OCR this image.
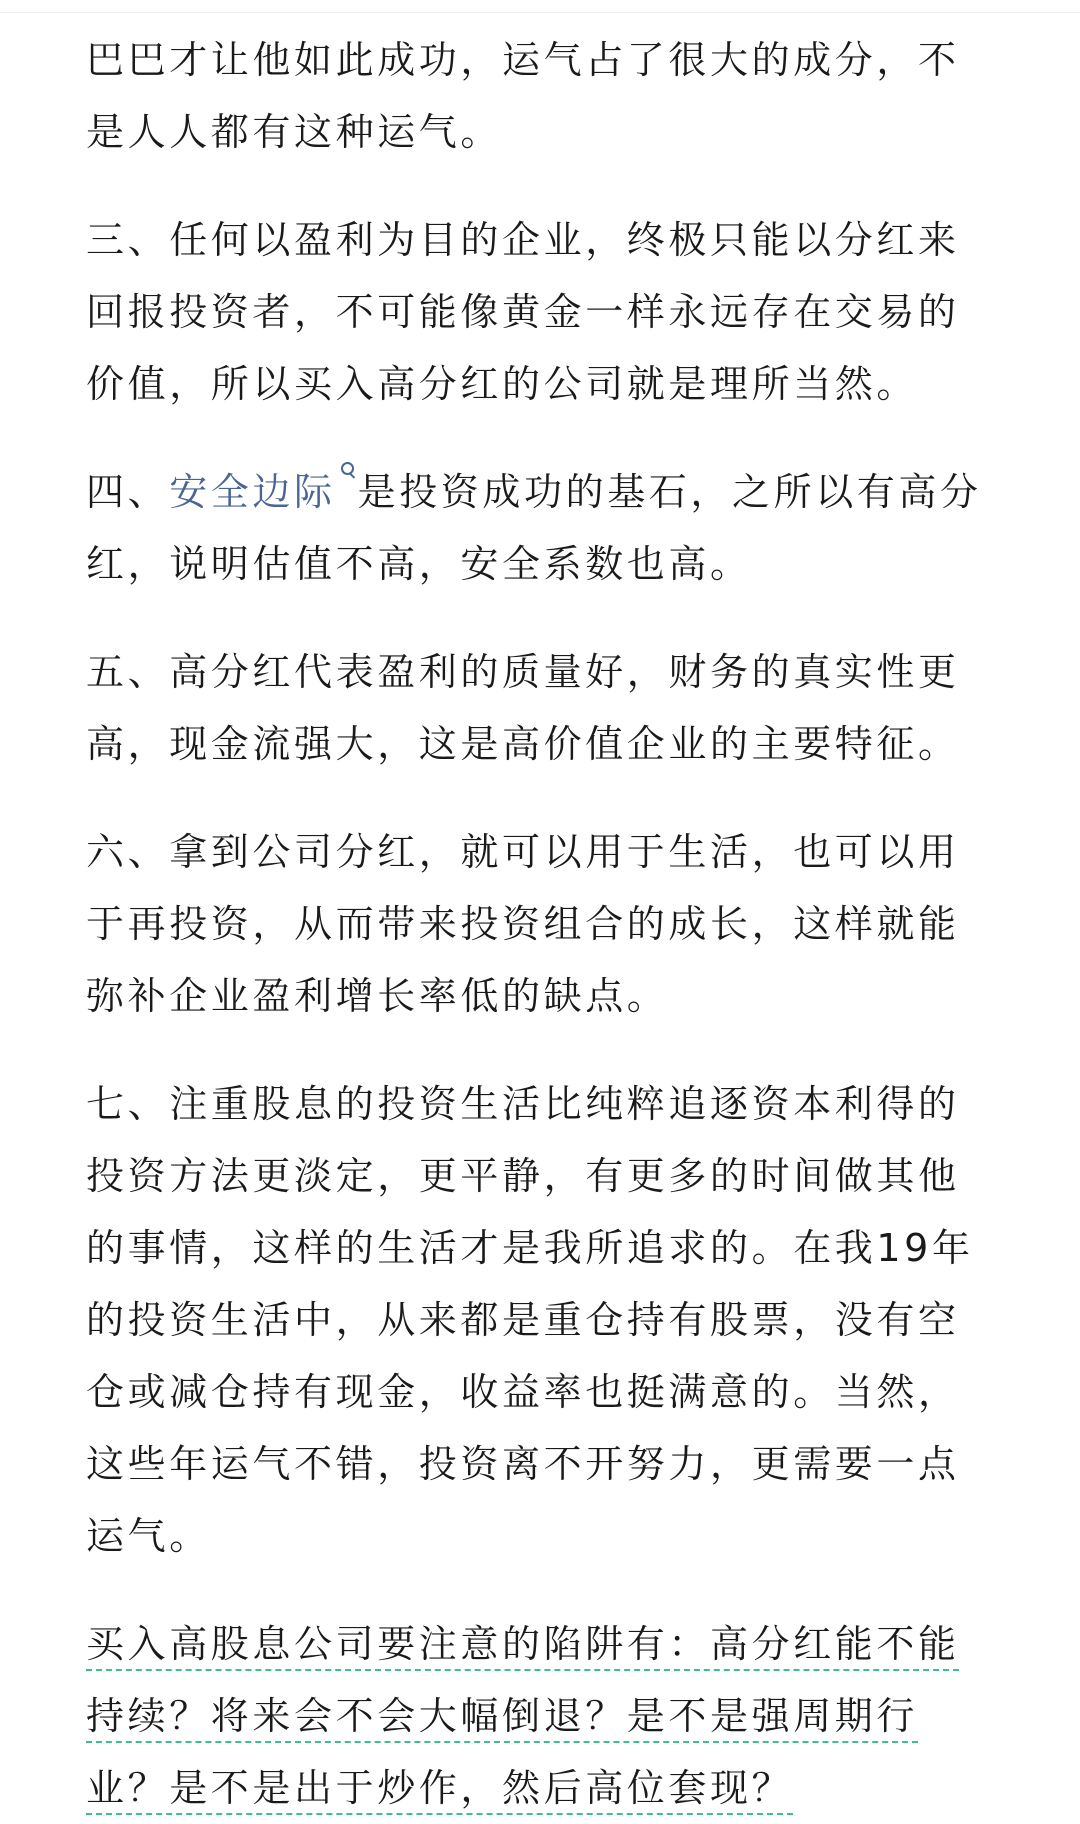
巴巴才让他如此成功，运气占了很大的成分，不是人人都有这种运气。

三、任何以盈利为目的企业，终极只能以分红来回报投资者，不可能像黄金一样永远存在交易的价值，所以买入高分红的公司就是理所当然。

四、安全边际 是投资成功的基石，之所以有高分红，说明估值不高，安全系数也高。

五、高分红代表盈利的质量好，财务的真实性更高，现金流强大，这是高价值企业的主要特征。

六、拿到公司分红，就可以用于生活，也可以用于再投资，从而带来投资组合的成长，这样就能弥补企业盈利增长率低的缺点。

七、注重股息的投资生活比纯粹追逐资本利得的投资方法更淡定，更平静，有更多的时间做其他的事情，这样的生活才是我所追求的。在我19年的投资生活中，从来都是重仓持有股票，没有空仓或减仓持有现金，收益率也挺满意的。当然，这些年运气不错，投资离不开努力，更需要一点运气。

买入高股息公司要注意的陷阱有：高分红能不能持续？将来会不会大幅倒退？是不是强周期行业？是不是出于炒作，然后高位套现？
